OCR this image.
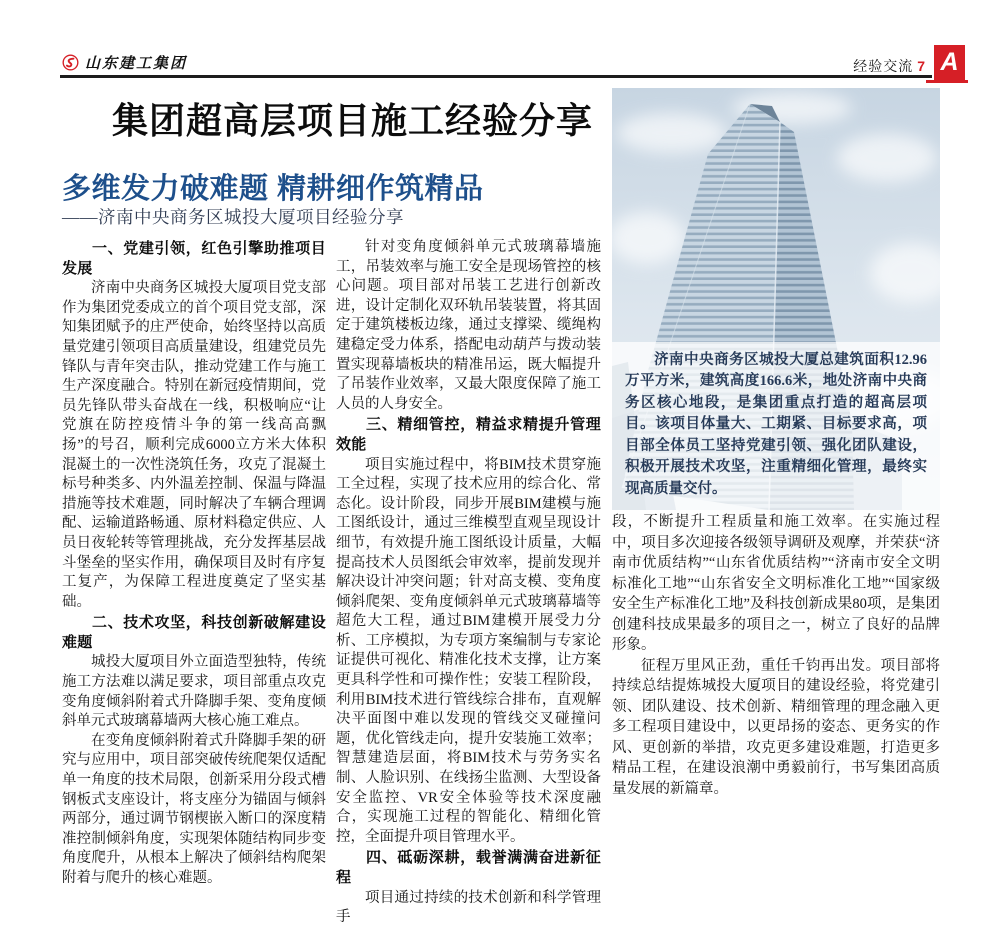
山东建工集团	经验交流 7 A
集团超高层项目施工经验分享
多维发力破难题 精耕细作筑精品
——济南中央商务区城投大厦项目经验分享
一、党建引领，红色引擎助推项目发展

济南中央商务区城投大厦项目党支部作为集团党委成立的首个项目党支部，深知集团赋予的庄严使命，始终坚持以高质量党建引领项目高质量建设，组建党员先锋队与青年突击队，推动党建工作与施工生产深度融合。特别在新冠疫情期间，党员先锋队带头奋战在一线，积极响应“让党旗在防控疫情斗争的第一线高高飘扬”的号召，顺利完成6000立方米大体积混凝土的一次性浇筑任务，攻克了混凝土标号种类多、内外温差控制、保温与降温措施等技术难题，同时解决了车辆合理调配、运输道路畅通、原材料稳定供应、人员日夜轮转等管理挑战，充分发挥基层战斗堡垒的坚实作用，确保项目及时有序复工复产，为保障工程进度奠定了坚实基础。

二、技术攻坚，科技创新破解建设难题

城投大厦项目外立面造型独特，传统施工方法难以满足要求，项目部重点攻克变角度倾斜附着式升降脚手架、变角度倾斜单元式玻璃幕墙两大核心施工难点。

在变角度倾斜附着式升降脚手架的研究与应用中，项目部突破传统爬架仅适配单一角度的技术局限，创新采用分段式槽钢板式支座设计，将支座分为锚固与倾斜两部分，通过调节钢楔嵌入断口的深度精准控制倾斜角度，实现架体随结构同步变角度爬升，从根本上解决了倾斜结构爬架附着与爬升的核心难题。

针对变角度倾斜单元式玻璃幕墙施工，吊装效率与施工安全是现场管控的核心问题。项目部对吊装工艺进行创新改进，设计定制化双环轨吊装装置，将其固定于建筑楼板边缘，通过支撑梁、缆绳构建稳定受力体系，搭配电动葫芦与拨动装置实现幕墙板块的精准吊运，既大幅提升了吊装作业效率，又最大限度保障了施工人员的人身安全。

三、精细管控，精益求精提升管理效能

项目实施过程中，将BIM技术贯穿施工全过程，实现了技术应用的综合化、常态化。设计阶段，同步开展BIM建模与施工图纸设计，通过三维模型直观呈现设计细节，有效提升施工图纸设计质量，大幅提高技术人员图纸会审效率，提前发现并解决设计冲突问题；针对高支模、变角度倾斜爬架、变角度倾斜单元式玻璃幕墙等超危大工程，通过BIM建模开展受力分析、工序模拟，为专项方案编制与专家论证提供可视化、精准化技术支撑，让方案更具科学性和可操作性；安装工程阶段，利用BIM技术进行管线综合排布，直观解决平面图中难以发现的管线交叉碰撞问题，优化管线走向，提升安装施工效率；智慧建造层面，将BIM技术与劳务实名制、人脸识别、在线扬尘监测、大型设备安全监控、VR安全体验等技术深度融合，实现施工过程的智能化、精细化管控，全面提升项目管理水平。

四、砥砺深耕，载誉满满奋进新征程

项目通过持续的技术创新和科学管理手

济南中央商务区城投大厦总建筑面积12.96万平方米，建筑高度166.6米，地处济南中央商务区核心地段，是集团重点打造的超高层项目。该项目体量大、工期紧、目标要求高，项目部全体员工坚持党建引领、强化团队建设，积极开展技术攻坚，注重精细化管理，最终实现高质量交付。

段，不断提升工程质量和施工效率。在实施过程中，项目多次迎接各级领导调研及观摩，并荣获“济南市优质结构”“山东省优质结构”“济南市安全文明标准化工地”“山东省安全文明标准化工地”“国家级安全生产标准化工地”及科技创新成果80项，是集团创建科技成果最多的项目之一，树立了良好的品牌形象。

征程万里风正劲，重任千钧再出发。项目部将持续总结提炼城投大厦项目的建设经验，将党建引领、团队建设、技术创新、精细管理的理念融入更多工程项目建设中，以更昂扬的姿态、更务实的作风、更创新的举措，攻克更多建设难题，打造更多精品工程，在建设浪潮中勇毅前行，书写集团高质量发展的新篇章。
